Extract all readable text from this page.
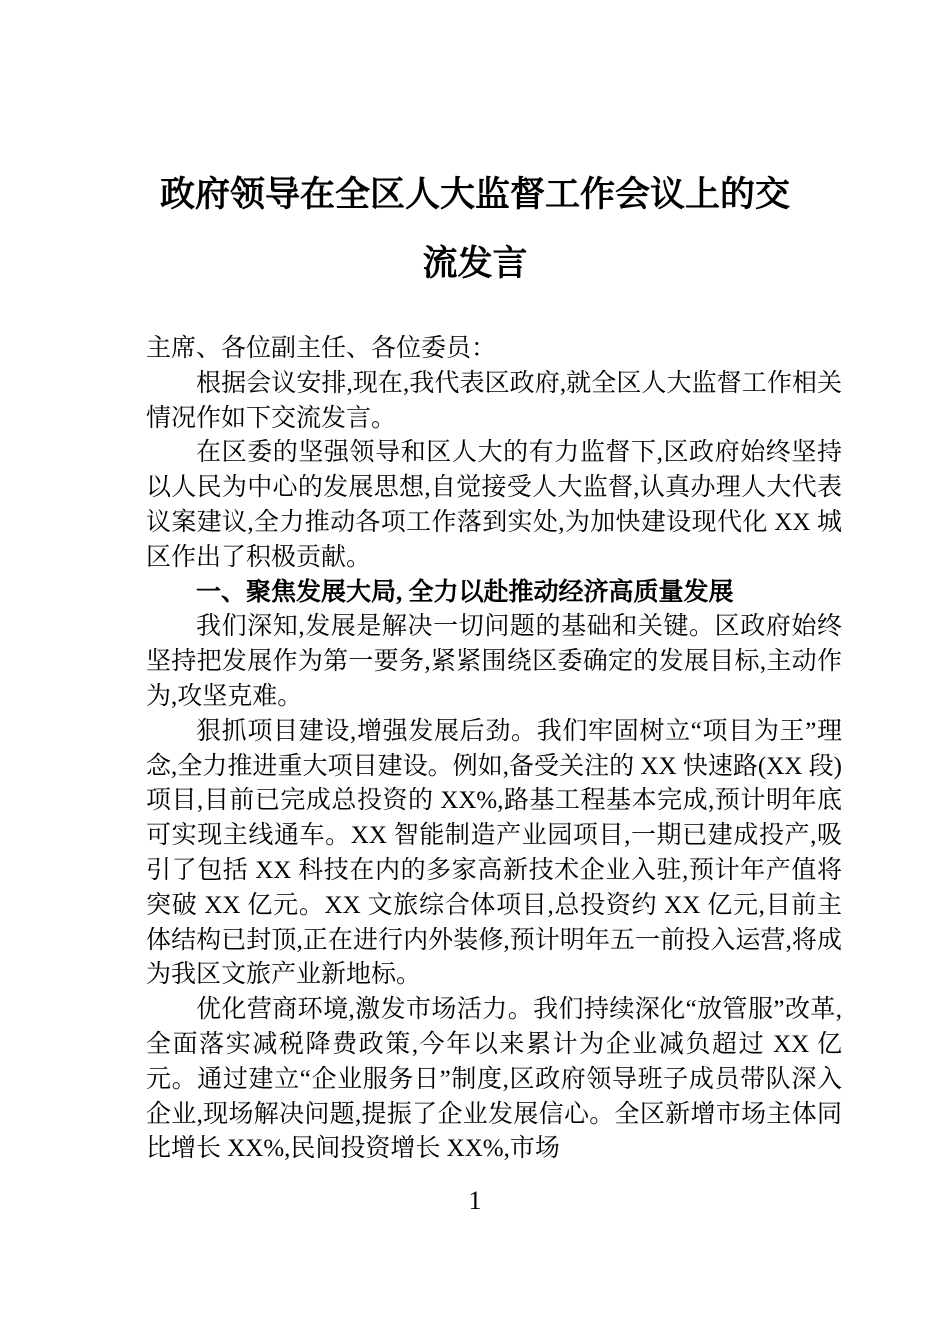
政府领导在全区人大监督工作会议上的交流发言

主席、各位副主任、各位委员：

根据会议安排,现在,我代表区政府,就全区人大监督工作相关情况作如下交流发言。

在区委的坚强领导和区人大的有力监督下,区政府始终坚持以人民为中心的发展思想,自觉接受人大监督,认真办理人大代表议案建议,全力推动各项工作落到实处,为加快建设现代化 XX 城区作出了积极贡献。

一、聚焦发展大局, 全力以赴推动经济高质量发展

我们深知,发展是解决一切问题的基础和关键。区政府始终坚持把发展作为第一要务,紧紧围绕区委确定的发展目标,主动作为,攻坚克难。

狠抓项目建设,增强发展后劲。我们牢固树立“项目为王”理念,全力推进重大项目建设。例如,备受关注的 XX 快速路(XX 段)项目,目前已完成总投资的 XX%,路基工程基本完成,预计明年底可实现主线通车。XX 智能制造产业园项目,一期已建成投产,吸引了包括 XX 科技在内的多家高新技术企业入驻,预计年产值将突破 XX 亿元。XX 文旅综合体项目,总投资约 XX 亿元,目前主体结构已封顶,正在进行内外装修,预计明年五一前投入运营,将成为我区文旅产业新地标。

优化营商环境,激发市场活力。我们持续深化“放管服”改革,全面落实减税降费政策,今年以来累计为企业减负超过 XX 亿元。通过建立“企业服务日”制度,区政府领导班子成员带队深入企业,现场解决问题,提振了企业发展信心。全区新增市场主体同比增长 XX%,民间投资增长 XX%,市场

1
